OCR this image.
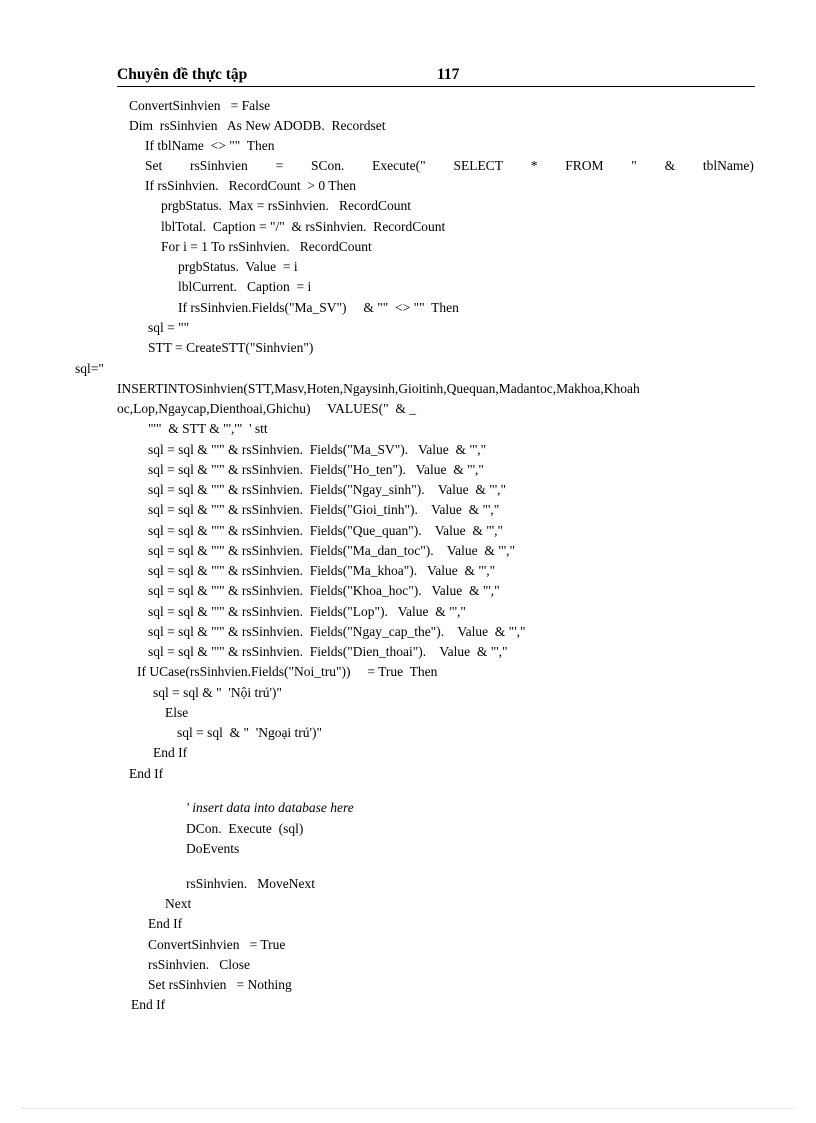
Chuyên đề thực tập	117
ConvertSinhvien   = False
Dim  rsSinhvien   As New ADODB.  Recordset
If tblName  <> ""  Then
Set rsSinhvien = SCon. Execute(" SELECT * FROM " & tblName)
If rsSinhvien.   RecordCount  > 0 Then
prgbStatus.  Max = rsSinhvien.   RecordCount
lblTotal.  Caption = "/"  & rsSinhvien.  RecordCount
For i = 1 To rsSinhvien.   RecordCount
prgbStatus.  Value  = i
lblCurrent.   Caption  = i
If rsSinhvien.Fields("Ma_SV")     & ""  <> ""  Then
sql = ""
STT = CreateSTT("Sinhvien")
sql="
INSERTINTOSinhvien(STT,Masv,Hoten,Ngaysinh,Gioitinh,Quequan,Madantoc,Makhoa,Khoah
oc,Lop,Ngaycap,Dienthoai,Ghichu)     VALUES("  & _
"'"  & STT & "','"  ' stt
sql = sql & "'" & rsSinhvien.  Fields("Ma_SV").   Value  & "',"
sql = sql & "'" & rsSinhvien.  Fields("Ho_ten").   Value  & "',"
sql = sql & "'" & rsSinhvien.  Fields("Ngay_sinh").    Value  & "',"
sql = sql & "'" & rsSinhvien.  Fields("Gioi_tinh").    Value  & "',"
sql = sql & "'" & rsSinhvien.  Fields("Que_quan").    Value  & "',"
sql = sql & "'" & rsSinhvien.  Fields("Ma_dan_toc").    Value  & "',"
sql = sql & "'" & rsSinhvien.  Fields("Ma_khoa").   Value  & "',"
sql = sql & "'" & rsSinhvien.  Fields("Khoa_hoc").   Value  & "',"
sql = sql & "'" & rsSinhvien.  Fields("Lop").   Value  & "',"
sql = sql & "'" & rsSinhvien.  Fields("Ngay_cap_the").    Value  & "',"
sql = sql & "'" & rsSinhvien.  Fields("Dien_thoai").    Value  & "',"
If UCase(rsSinhvien.Fields("Noi_tru"))     = True  Then
sql = sql & "  'Nội trú')"
Else
sql = sql  & "  'Ngoại trú')"
End If
End If
' insert data into database here
DCon.  Execute  (sql)
DoEvents
rsSinhvien.   MoveNext
Next
End If
ConvertSinhvien   = True
rsSinhvien.   Close
Set rsSinhvien   = Nothing
End If
